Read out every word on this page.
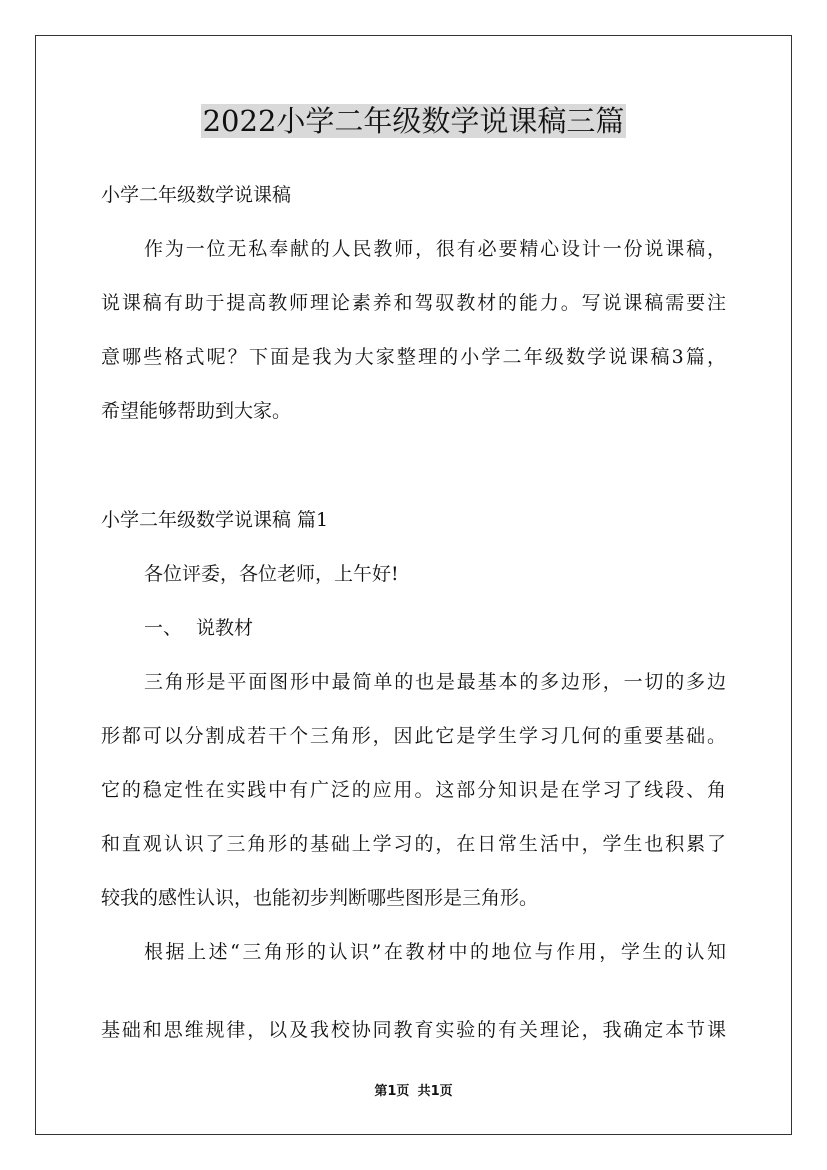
2022小学二年级数学说课稿三篇

小学二年级数学说课稿

作为一位无私奉献的人民教师，很有必要精心设计一份说课稿，

说课稿有助于提高教师理论素养和驾驭教材的能力。写说课稿需要注

意哪些格式呢？下面是我为大家整理的小学二年级数学说课稿3篇，

希望能够帮助到大家。

小学二年级数学说课稿 篇1

各位评委，各位老师，上午好!

一、 说教材

三角形是平面图形中最简单的也是最基本的多边形，一切的多边

形都可以分割成若干个三角形，因此它是学生学习几何的重要基础。

它的稳定性在实践中有广泛的应用。这部分知识是在学习了线段、角

和直观认识了三角形的基础上学习的，在日常生活中，学生也积累了

较我的感性认识，也能初步判断哪些图形是三角形。

根据上述“三角形的认识”在教材中的地位与作用，学生的认知

基础和思维规律，以及我校协同教育实验的有关理论，我确定本节课

第1页 共1页
